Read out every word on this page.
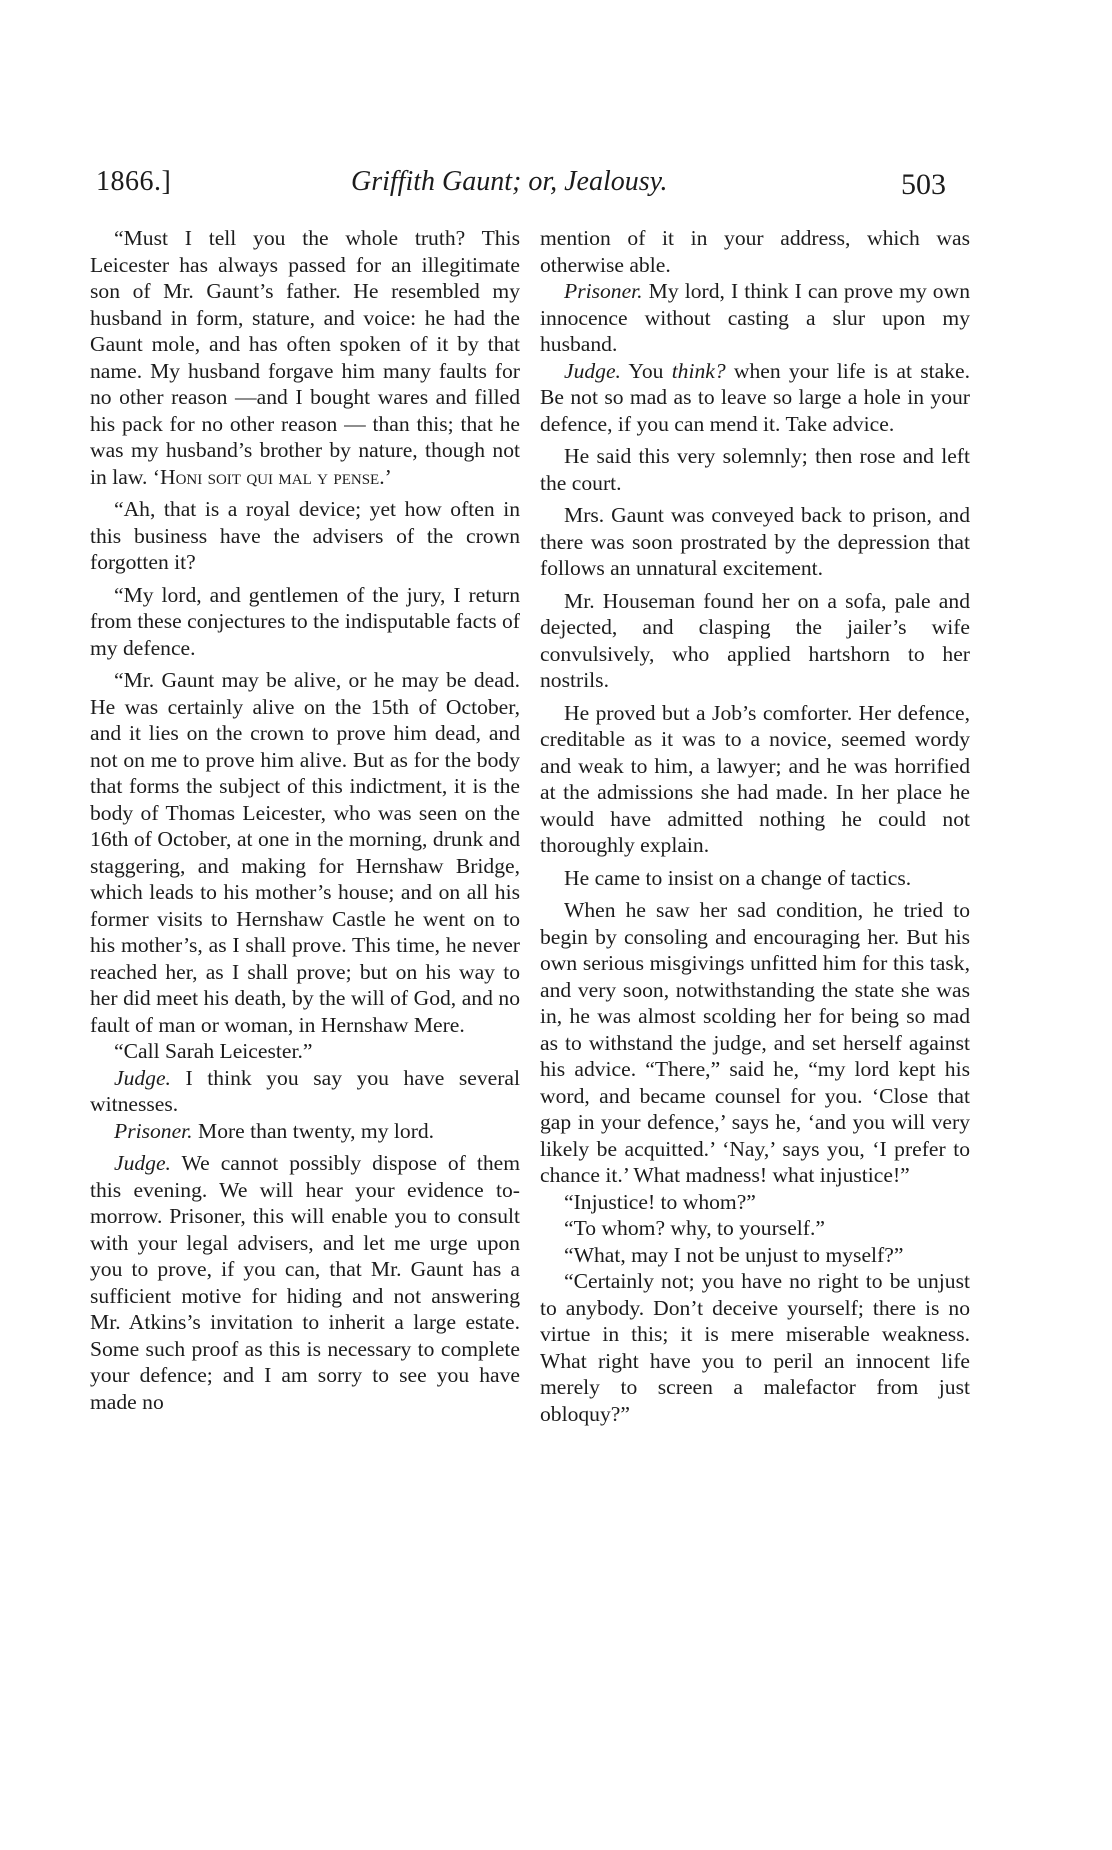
1866.]	Griffith Gaunt; or, Jealousy.	503

“Must I tell you the whole truth? This Leicester has always passed for an illegitimate son of Mr. Gaunt’s father. He resembled my husband in form, stature, and voice: he had the Gaunt mole, and has often spoken of it by that name. My husband forgave him many faults for no other reason —and I bought wares and filled his pack for no other reason — than this; that he was my husband’s brother by nature, though not in law. ‘Honi soit qui mal y pense.’

“Ah, that is a royal device; yet how often in this business have the advisers of the crown forgotten it?

“My lord, and gentlemen of the jury, I return from these conjectures to the indisputable facts of my defence.

“Mr. Gaunt may be alive, or he may be dead. He was certainly alive on the 15th of October, and it lies on the crown to prove him dead, and not on me to prove him alive. But as for the body that forms the subject of this indictment, it is the body of Thomas Leicester, who was seen on the 16th of October, at one in the morning, drunk and staggering, and making for Hernshaw Bridge, which leads to his mother’s house; and on all his former visits to Hernshaw Castle he went on to his mother’s, as I shall prove. This time, he never reached her, as I shall prove; but on his way to her did meet his death, by the will of God, and no fault of man or woman, in Hernshaw Mere.

“Call Sarah Leicester.”

Judge. I think you say you have several witnesses.

Prisoner. More than twenty, my lord.

Judge. We cannot possibly dispose of them this evening. We will hear your evidence to-morrow. Prisoner, this will enable you to consult with your legal advisers, and let me urge upon you to prove, if you can, that Mr. Gaunt has a sufficient motive for hiding and not answering Mr. Atkins’s invitation to inherit a large estate. Some such proof as this is necessary to complete your defence; and I am sorry to see you have made no

mention of it in your address, which was otherwise able.

Prisoner. My lord, I think I can prove my own innocence without casting a slur upon my husband.

Judge. You think? when your life is at stake. Be not so mad as to leave so large a hole in your defence, if you can mend it. Take advice.

He said this very solemnly; then rose and left the court.

Mrs. Gaunt was conveyed back to prison, and there was soon prostrated by the depression that follows an unnatural excitement.

Mr. Houseman found her on a sofa, pale and dejected, and clasping the jailer’s wife convulsively, who applied hartshorn to her nostrils.

He proved but a Job’s comforter. Her defence, creditable as it was to a novice, seemed wordy and weak to him, a lawyer; and he was horrified at the admissions she had made. In her place he would have admitted nothing he could not thoroughly explain.

He came to insist on a change of tactics.

When he saw her sad condition, he tried to begin by consoling and encouraging her. But his own serious misgivings unfitted him for this task, and very soon, notwithstanding the state she was in, he was almost scolding her for being so mad as to withstand the judge, and set herself against his advice. “There,” said he, “my lord kept his word, and became counsel for you. ‘Close that gap in your defence,’ says he, ‘and you will very likely be acquitted.’ ‘Nay,’ says you, ‘I prefer to chance it.’ What madness! what injustice!”

“Injustice! to whom?”

“To whom? why, to yourself.”

“What, may I not be unjust to myself?”

“Certainly not; you have no right to be unjust to anybody. Don’t deceive yourself; there is no virtue in this; it is mere miserable weakness. What right have you to peril an innocent life merely to screen a malefactor from just obloquy?”
